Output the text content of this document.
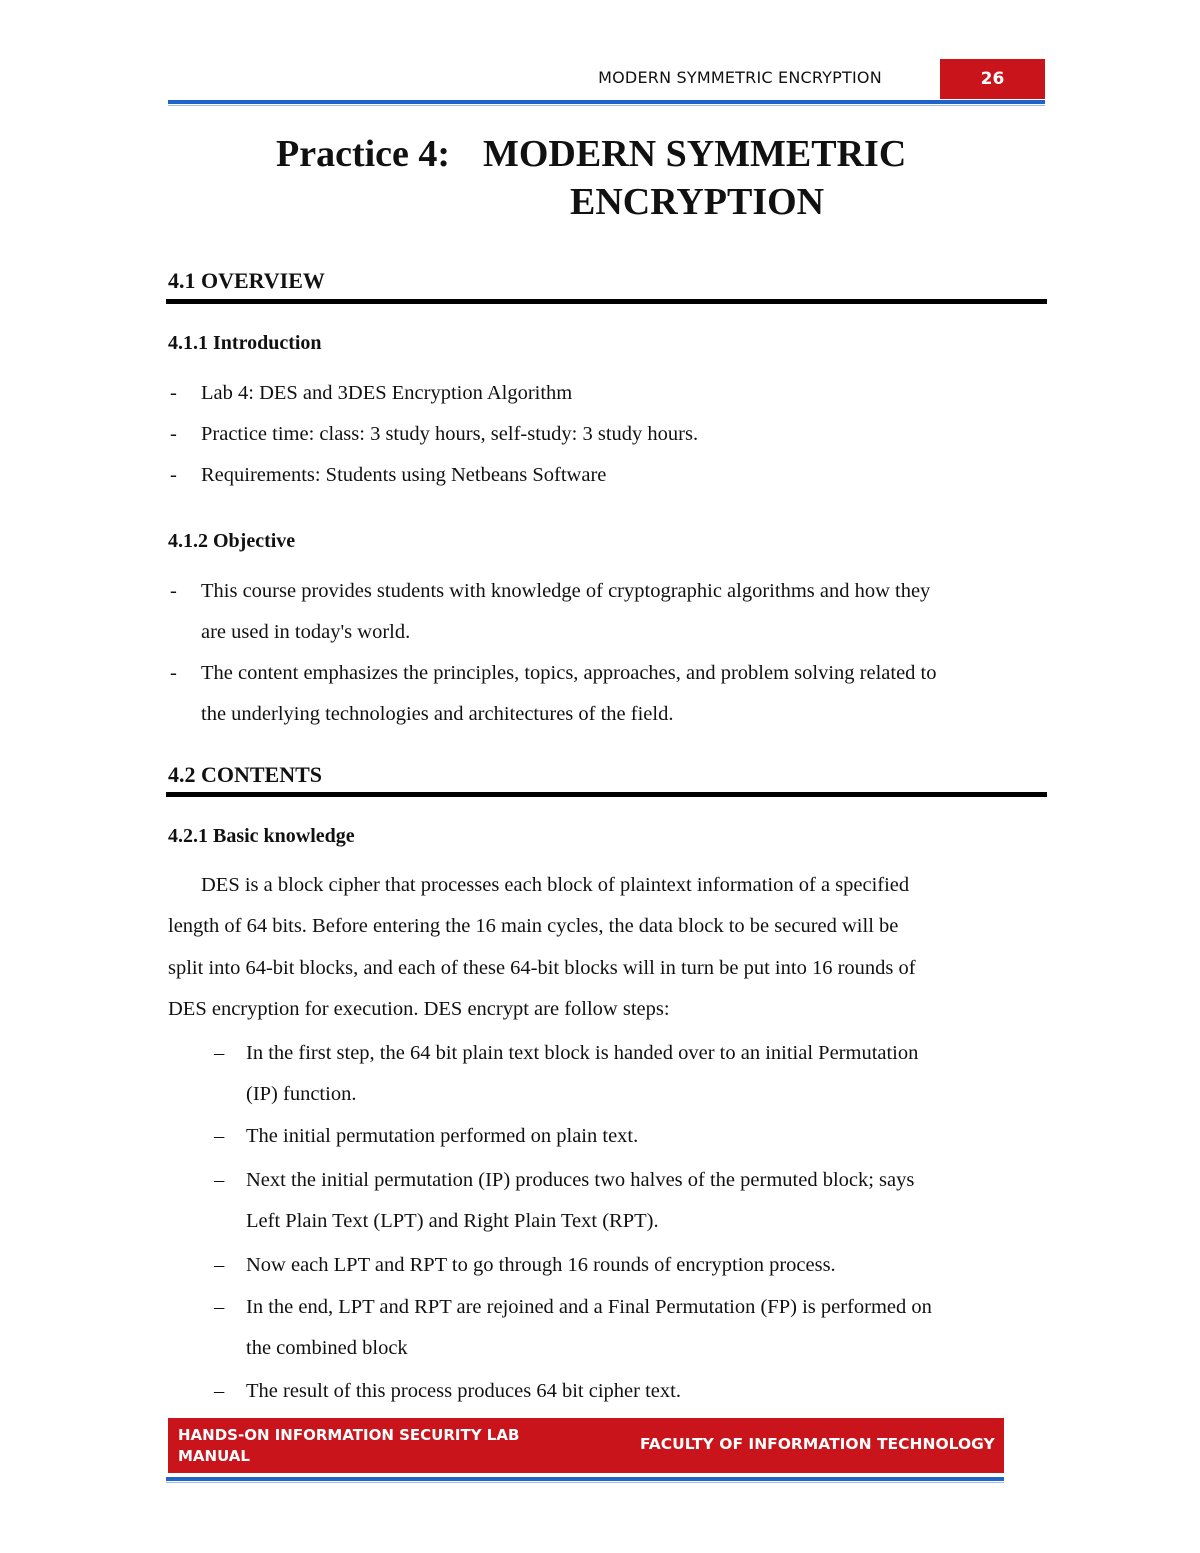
MODERN SYMMETRIC ENCRYPTION	26
Practice 4: MODERN SYMMETRIC
ENCRYPTION
4.1 OVERVIEW
4.1.1 Introduction
- Lab 4: DES and 3DES Encryption Algorithm
- Practice time: class: 3 study hours, self-study: 3 study hours.
- Requirements: Students using Netbeans Software
4.1.2 Objective
- This course provides students with knowledge of cryptographic algorithms and how they
are used in today's world.
- The content emphasizes the principles, topics, approaches, and problem solving related to
the underlying technologies and architectures of the field.
4.2 CONTENTS
4.2.1 Basic knowledge
DES is a block cipher that processes each block of plaintext information of a specified
length of 64 bits. Before entering the 16 main cycles, the data block to be secured will be
split into 64-bit blocks, and each of these 64-bit blocks will in turn be put into 16 rounds of
DES encryption for execution. DES encrypt are follow steps:
– In the first step, the 64 bit plain text block is handed over to an initial Permutation
(IP) function.
– The initial permutation performed on plain text.
– Next the initial permutation (IP) produces two halves of the permuted block; says
Left Plain Text (LPT) and Right Plain Text (RPT).
– Now each LPT and RPT to go through 16 rounds of encryption process.
– In the end, LPT and RPT are rejoined and a Final Permutation (FP) is performed on
the combined block
– The result of this process produces 64 bit cipher text.
HANDS-ON INFORMATION SECURITY LAB MANUAL
FACULTY OF INFORMATION TECHNOLOGY
